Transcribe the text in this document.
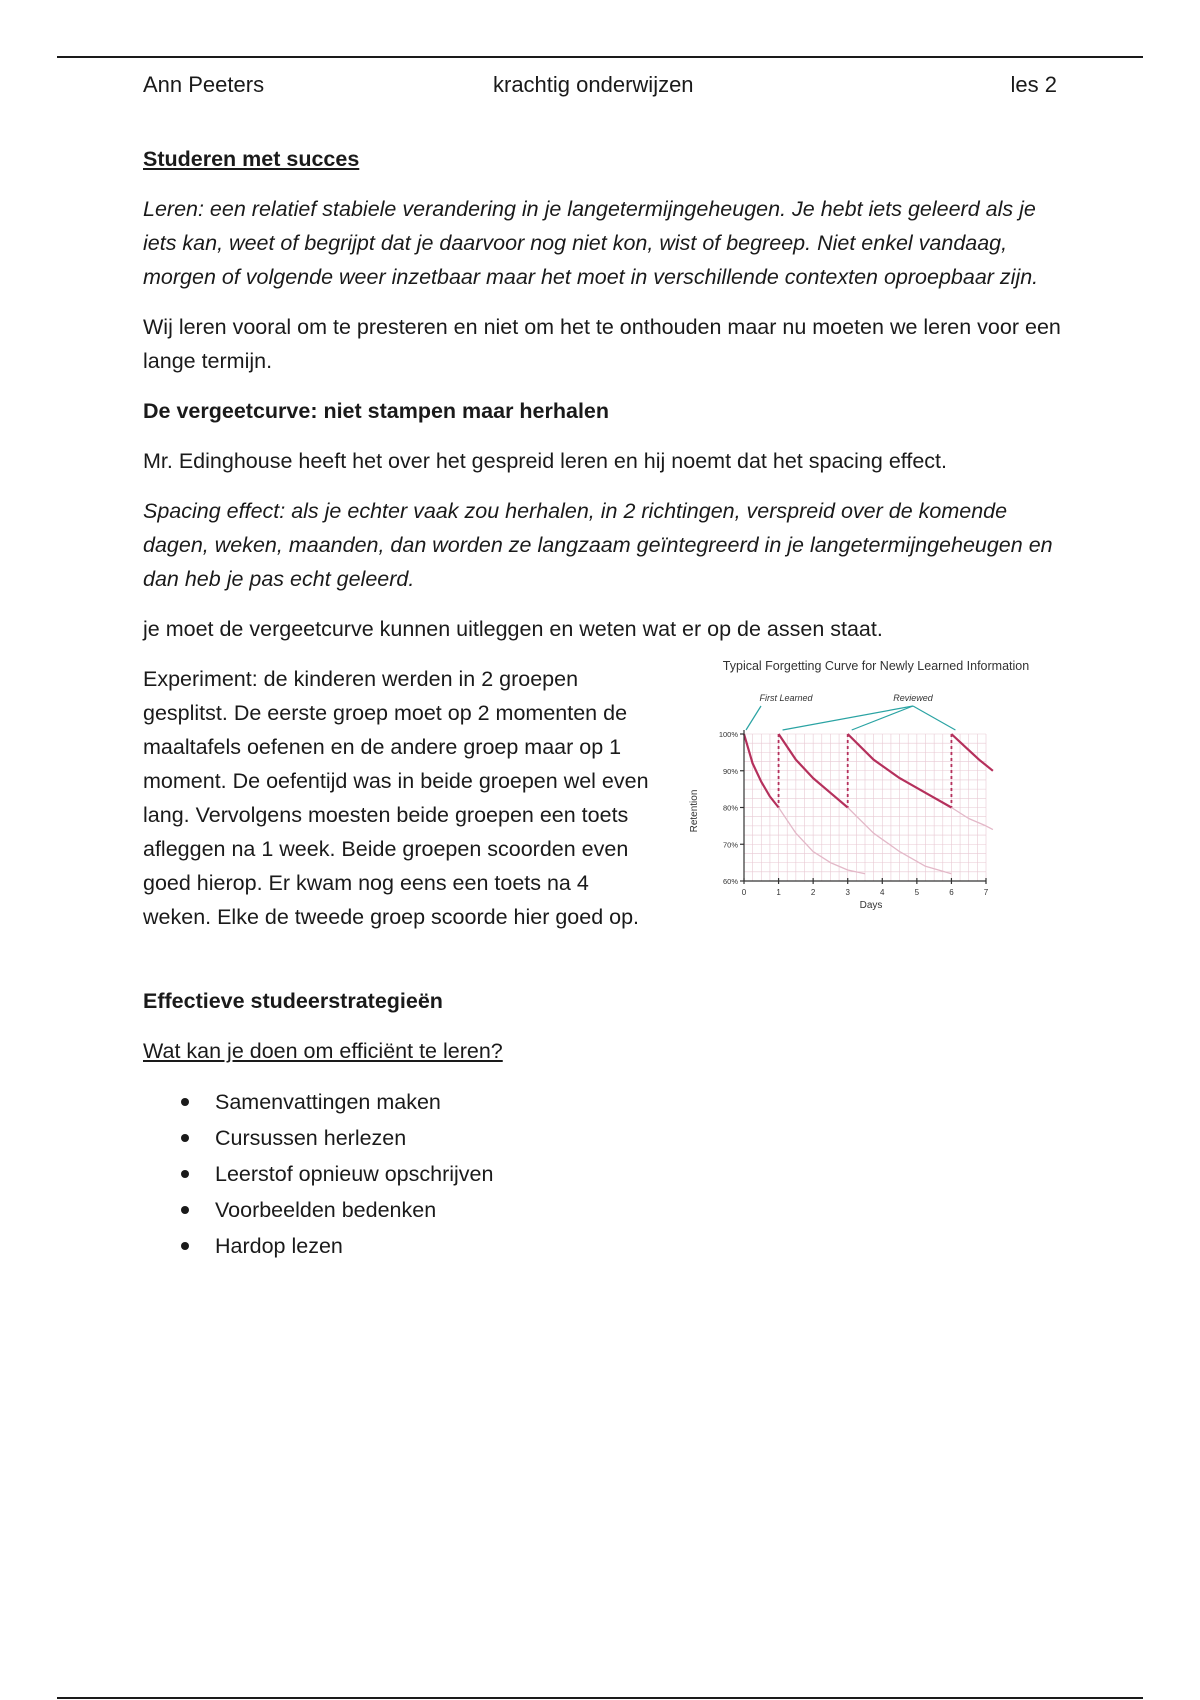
Ann Peeters	krachtig onderwijzen	les 2

Studeren met succes

Leren: een relatief stabiele verandering in je langetermijngeheugen. Je hebt iets geleerd als je iets kan, weet of begrijpt dat je daarvoor nog niet kon, wist of begreep. Niet enkel vandaag, morgen of volgende weer inzetbaar maar het moet in verschillende contexten oproepbaar zijn.

Wij leren vooral om te presteren en niet om het te onthouden maar nu moeten we leren voor een lange termijn.

De vergeetcurve: niet stampen maar herhalen

Mr. Edinghouse heeft het over het gespreid leren en hij noemt dat het spacing effect.

Spacing effect: als je echter vaak zou herhalen, in 2 richtingen, verspreid over de komende dagen, weken, maanden, dan worden ze langzaam geïntegreerd in je langetermijngeheugen en dan heb je pas echt geleerd.

je moet de vergeetcurve kunnen uitleggen en weten wat er op de assen staat.

Experiment: de kinderen werden in 2 groepen gesplitst. De eerste groep moet op 2 momenten de maaltafels oefenen en de andere groep maar op 1 moment. De oefentijd was in beide groepen wel even lang. Vervolgens moesten beide groepen een toets afleggen na 1 week. Beide groepen scoorden even goed hierop. Er kwam nog eens een toets na 4 weken. Elke de tweede groep scoorde hier goed op.

Typical Forgetting Curve for Newly Learned Information
0	1	2	3	4	5	6	7
60%
70%
80%
90%
100%
First Learned	Reviewed
Days
Retention

Effectieve studeerstrategieën

Wat kan je doen om efficiënt te leren?

Samenvattingen maken
Cursussen herlezen
Leerstof opnieuw opschrijven
Voorbeelden bedenken
Hardop lezen
